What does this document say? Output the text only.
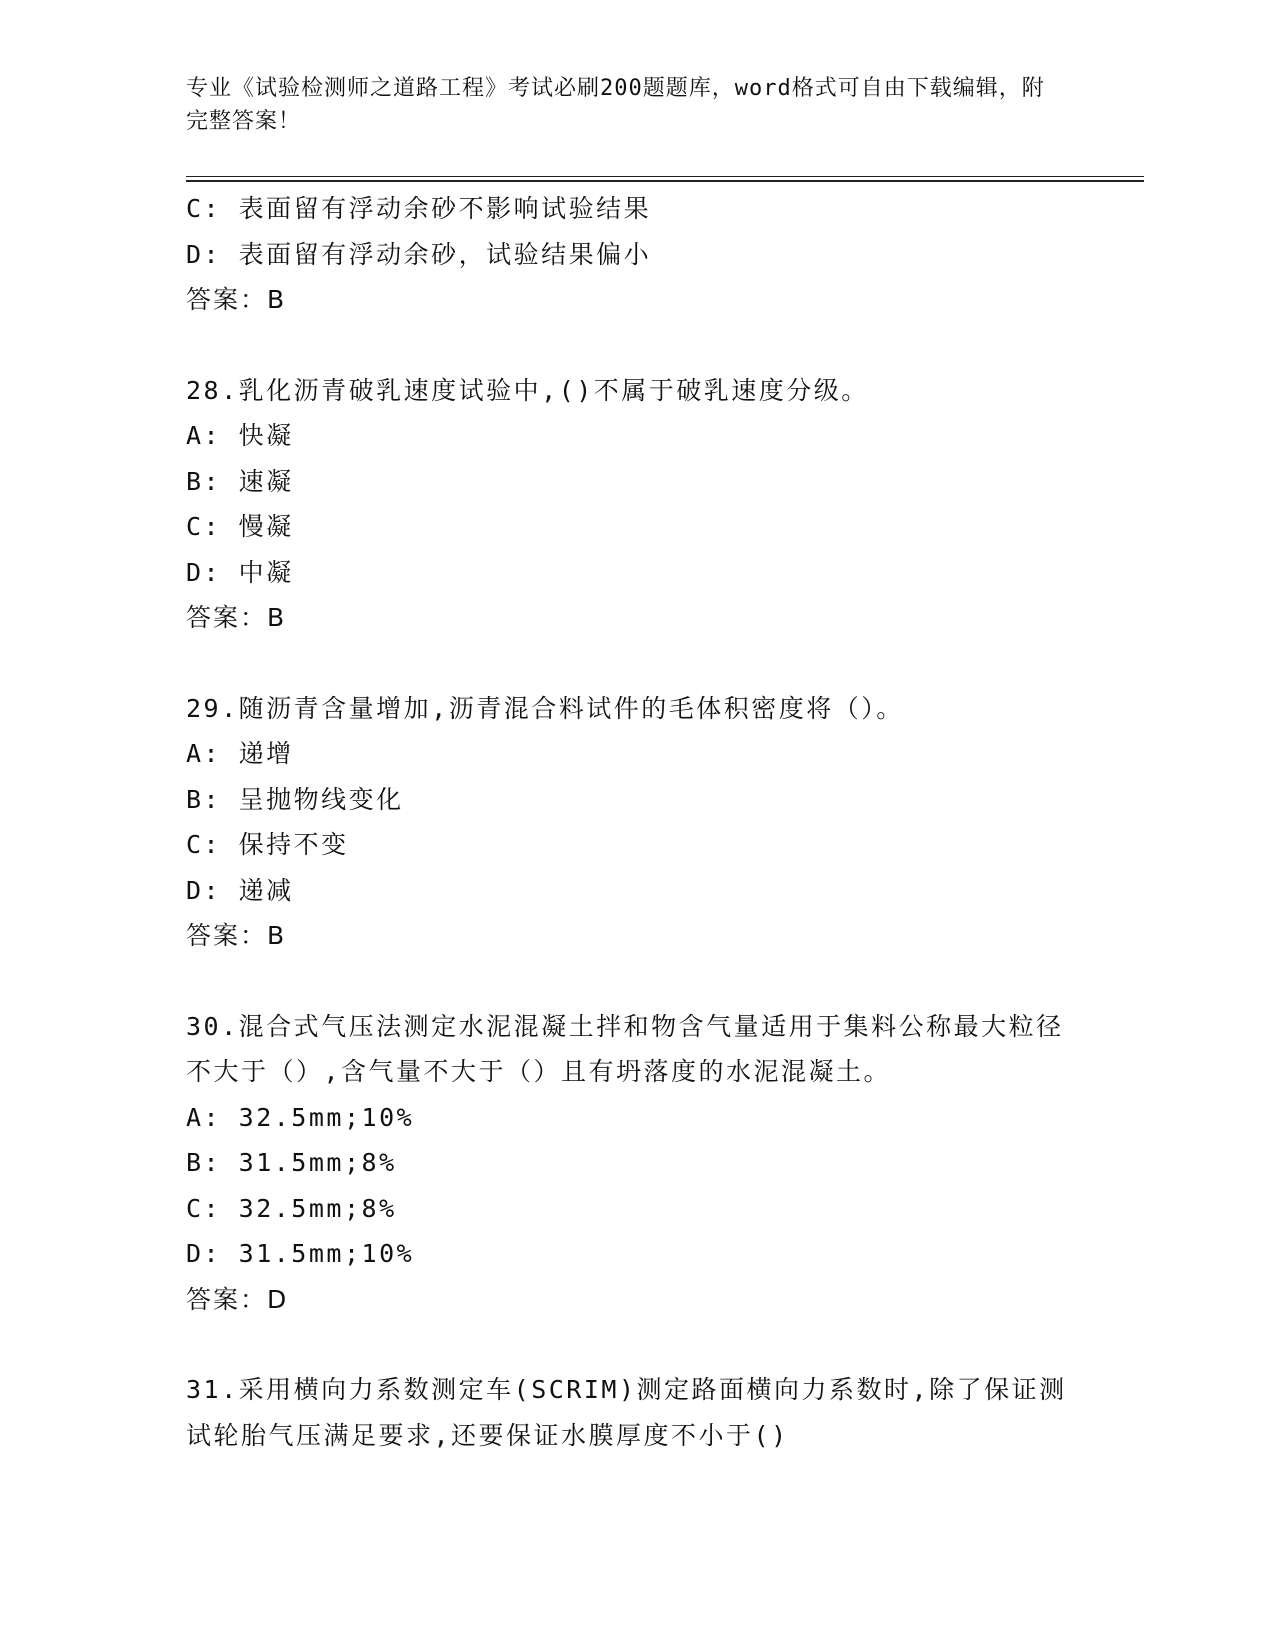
专业《试验检测师之道路工程》考试必刷200题题库，word格式可自由下载编辑，附完整答案！
C: 表面留有浮动余砂不影响试验结果
D: 表面留有浮动余砂，试验结果偏小
答案：B
28.乳化沥青破乳速度试验中,()不属于破乳速度分级。
A: 快凝
B: 速凝
C: 慢凝
D: 中凝
答案：B
29.随沥青含量增加,沥青混合料试件的毛体积密度将（）。
A: 递增
B: 呈抛物线变化
C: 保持不变
D: 递减
答案：B
30.混合式气压法测定水泥混凝土拌和物含气量适用于集料公称最大粒径不大于（）,含气量不大于（）且有坍落度的水泥混凝土。
A: 32.5mm;10%
B: 31.5mm;8%
C: 32.5mm;8%
D: 31.5mm;10%
答案：D
31.采用横向力系数测定车(SCRIM)测定路面横向力系数时,除了保证测试轮胎气压满足要求,还要保证水膜厚度不小于()
